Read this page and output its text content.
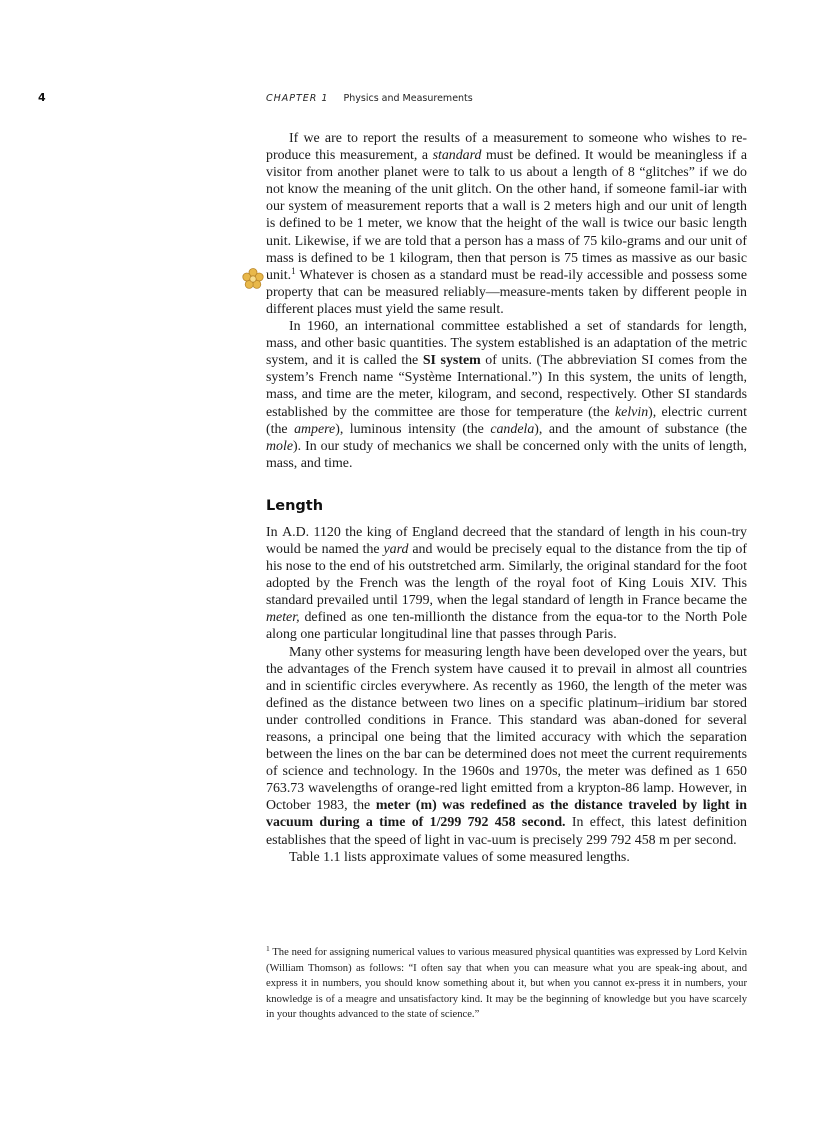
4	CHAPTER 1 Physics and Measurements

If we are to report the results of a measurement to someone who wishes to re-produce this measurement, a standard must be defined. It would be meaningless if a visitor from another planet were to talk to us about a length of 8 “glitches” if we do not know the meaning of the unit glitch. On the other hand, if someone famil-iar with our system of measurement reports that a wall is 2 meters high and our unit of length is defined to be 1 meter, we know that the height of the wall is twice our basic length unit. Likewise, if we are told that a person has a mass of 75 kilo-grams and our unit of mass is defined to be 1 kilogram, then that person is 75 times as massive as our basic unit.$^1$ Whatever is chosen as a standard must be read-ily accessible and possess some property that can be measured reliably—measure-ments taken by different people in different places must yield the same result.

In 1960, an international committee established a set of standards for length, mass, and other basic quantities. The system established is an adaptation of the metric system, and it is called the SI system of units. (The abbreviation SI comes from the system’s French name “Système International.”) In this system, the units of length, mass, and time are the meter, kilogram, and second, respectively. Other SI standards established by the committee are those for temperature (the kelvin), electric current (the ampere), luminous intensity (the candela), and the amount of substance (the mole). In our study of mechanics we shall be concerned only with the units of length, mass, and time.

Length

In A.D. 1120 the king of England decreed that the standard of length in his coun-try would be named the yard and would be precisely equal to the distance from the tip of his nose to the end of his outstretched arm. Similarly, the original standard for the foot adopted by the French was the length of the royal foot of King Louis XIV. This standard prevailed until 1799, when the legal standard of length in France became the meter, defined as one ten-millionth the distance from the equa-tor to the North Pole along one particular longitudinal line that passes through Paris.

Many other systems for measuring length have been developed over the years, but the advantages of the French system have caused it to prevail in almost all countries and in scientific circles everywhere. As recently as 1960, the length of the meter was defined as the distance between two lines on a specific platinum–iridium bar stored under controlled conditions in France. This standard was aban-doned for several reasons, a principal one being that the limited accuracy with which the separation between the lines on the bar can be determined does not meet the current requirements of science and technology. In the 1960s and 1970s, the meter was defined as 1 650 763.73 wavelengths of orange-red light emitted from a krypton-86 lamp. However, in October 1983, the meter (m) was redefined as the distance traveled by light in vacuum during a time of 1/299 792 458 second. In effect, this latest definition establishes that the speed of light in vac-uum is precisely 299 792 458 m per second.

Table 1.1 lists approximate values of some measured lengths.

$^1$ The need for assigning numerical values to various measured physical quantities was expressed by Lord Kelvin (William Thomson) as follows: “I often say that when you can measure what you are speak-ing about, and express it in numbers, you should know something about it, but when you cannot ex-press it in numbers, your knowledge is of a meagre and unsatisfactory kind. It may be the beginning of knowledge but you have scarcely in your thoughts advanced to the state of science.”
